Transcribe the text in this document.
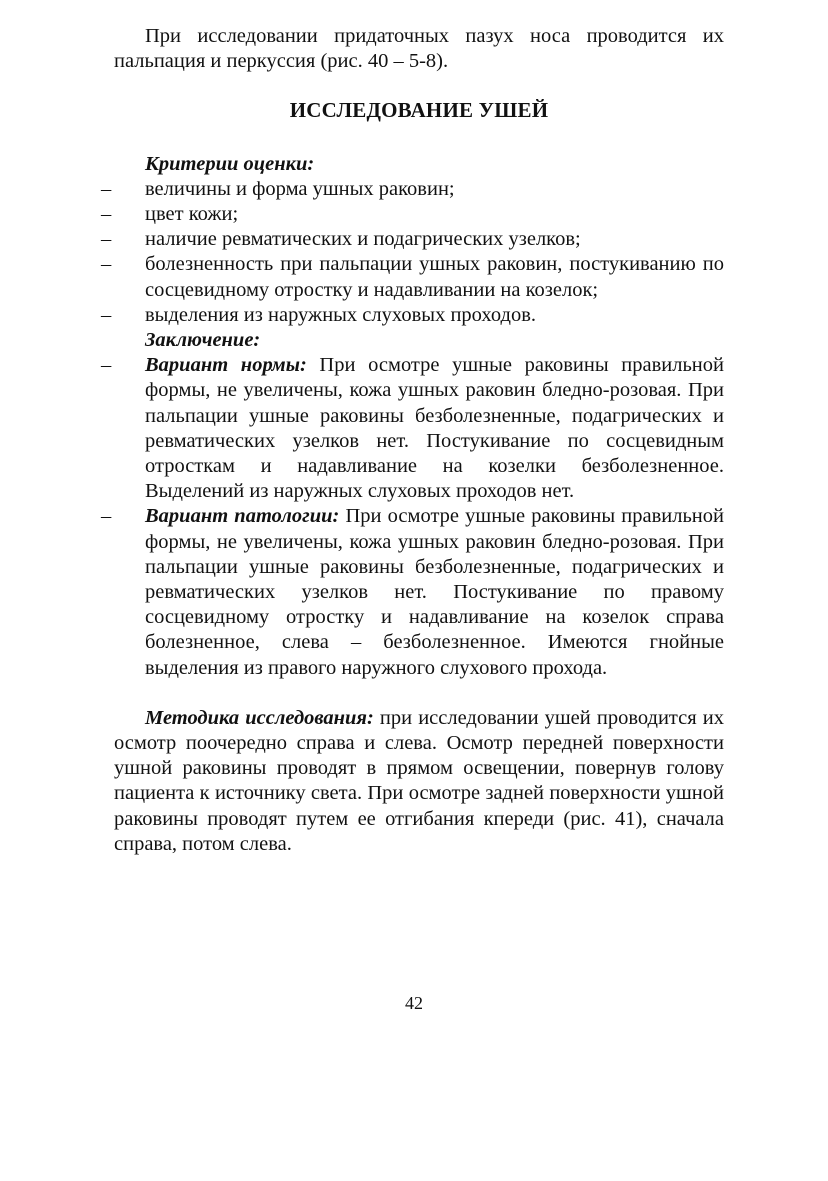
При исследовании придаточных пазух носа проводится их пальпация и перкуссия (рис. 40 – 5-8).

ИССЛЕДОВАНИЕ УШЕЙ
Критерии оценки:
– величины и форма ушных раковин;
– цвет кожи;
– наличие ревматических и подагрических узелков;
– болезненность при пальпации ушных раковин, постукиванию по сосцевидному отростку и надавливании на козелок;
– выделения из наружных слуховых проходов.
Заключение:
– Вариант нормы: При осмотре ушные раковины правильной формы, не увеличены, кожа ушных раковин бледно-розовая. При пальпации ушные раковины безболезненные, подагрических и ревматических узелков нет. Постукивание по сосцевидным отросткам и надавливание на козелки безболезненное. Выделений из наружных слуховых проходов нет.
– Вариант патологии: При осмотре ушные раковины правильной формы, не увеличены, кожа ушных раковин бледно-розовая. При пальпации ушные раковины безболезненные, подагрических и ревматических узелков нет. Постукивание по правому сосцевидному отростку и надавливание на козелок справа болезненное, слева – безболезненное. Имеются гнойные выделения из правого наружного слухового прохода.

Методика исследования: при исследовании ушей проводится их осмотр поочередно справа и слева. Осмотр передней поверхности ушной раковины проводят в прямом освещении, повернув голову пациента к источнику света. При осмотре задней поверхности ушной раковины проводят путем ее отгибания кпереди (рис. 41), сначала справа, потом слева.

42
